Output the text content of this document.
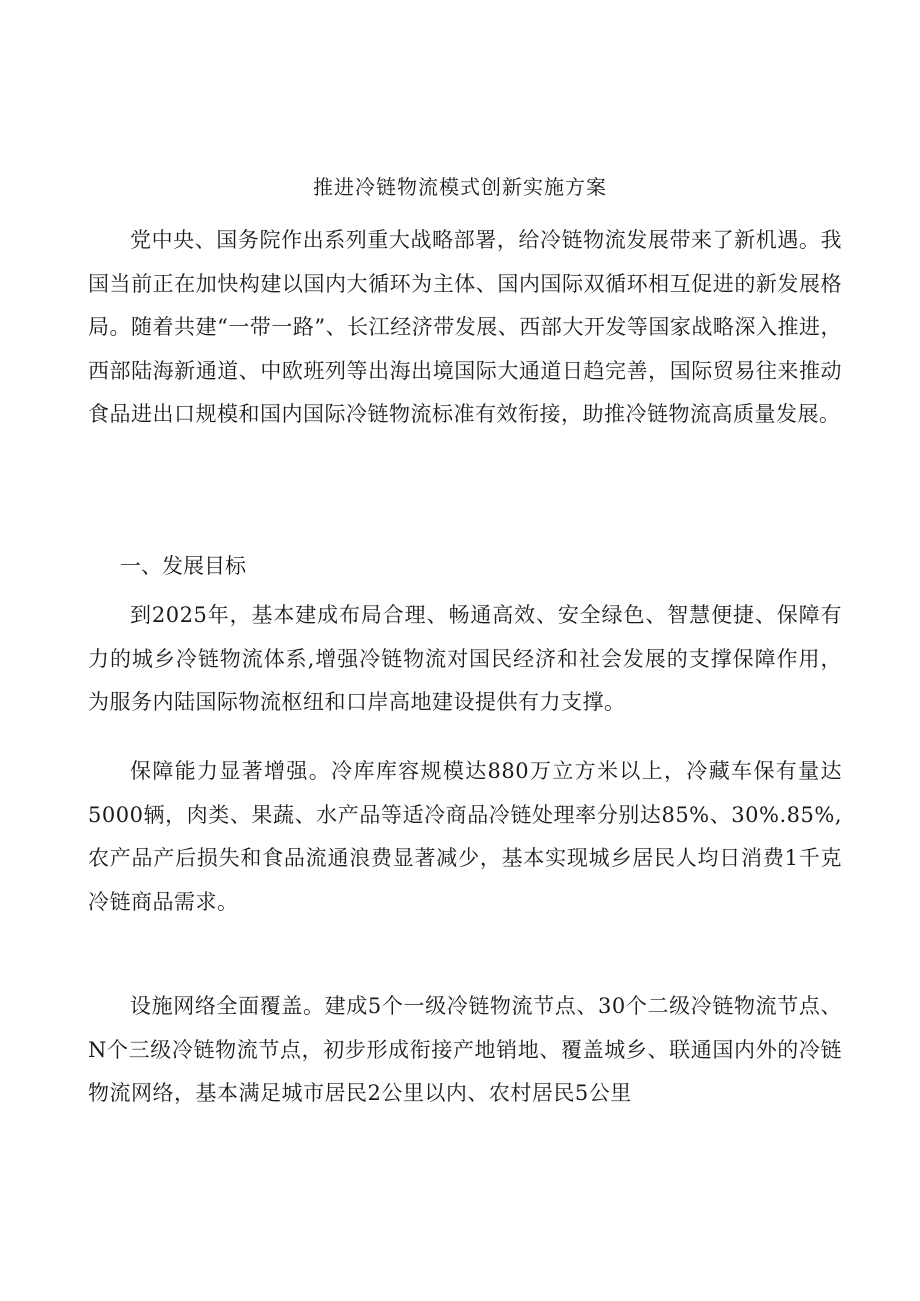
推进冷链物流模式创新实施方案

党中央、国务院作出系列重大战略部署，给冷链物流发展带来了新机遇。我国当前正在加快构建以国内大循环为主体、国内国际双循环相互促进的新发展格局。随着共建“一带一路”、长江经济带发展、西部大开发等国家战略深入推进，西部陆海新通道、中欧班列等出海出境国际大通道日趋完善，国际贸易往来推动食品进出口规模和国内国际冷链物流标准有效衔接，助推冷链物流高质量发展。

一、发展目标

到2025年，基本建成布局合理、畅通高效、安全绿色、智慧便捷、保障有力的城乡冷链物流体系,增强冷链物流对国民经济和社会发展的支撑保障作用，为服务内陆国际物流枢纽和口岸高地建设提供有力支撑。

保障能力显著增强。冷库库容规模达880万立方米以上，冷藏车保有量达5000辆，肉类、果蔬、水产品等适冷商品冷链处理率分别达85%、30%.85%,农产品产后损失和食品流通浪费显著减少，基本实现城乡居民人均日消费1千克冷链商品需求。

设施网络全面覆盖。建成5个一级冷链物流节点、30个二级冷链物流节点、N个三级冷链物流节点，初步形成衔接产地销地、覆盖城乡、联通国内外的冷链物流网络，基本满足城市居民2公里以内、农村居民5公里
